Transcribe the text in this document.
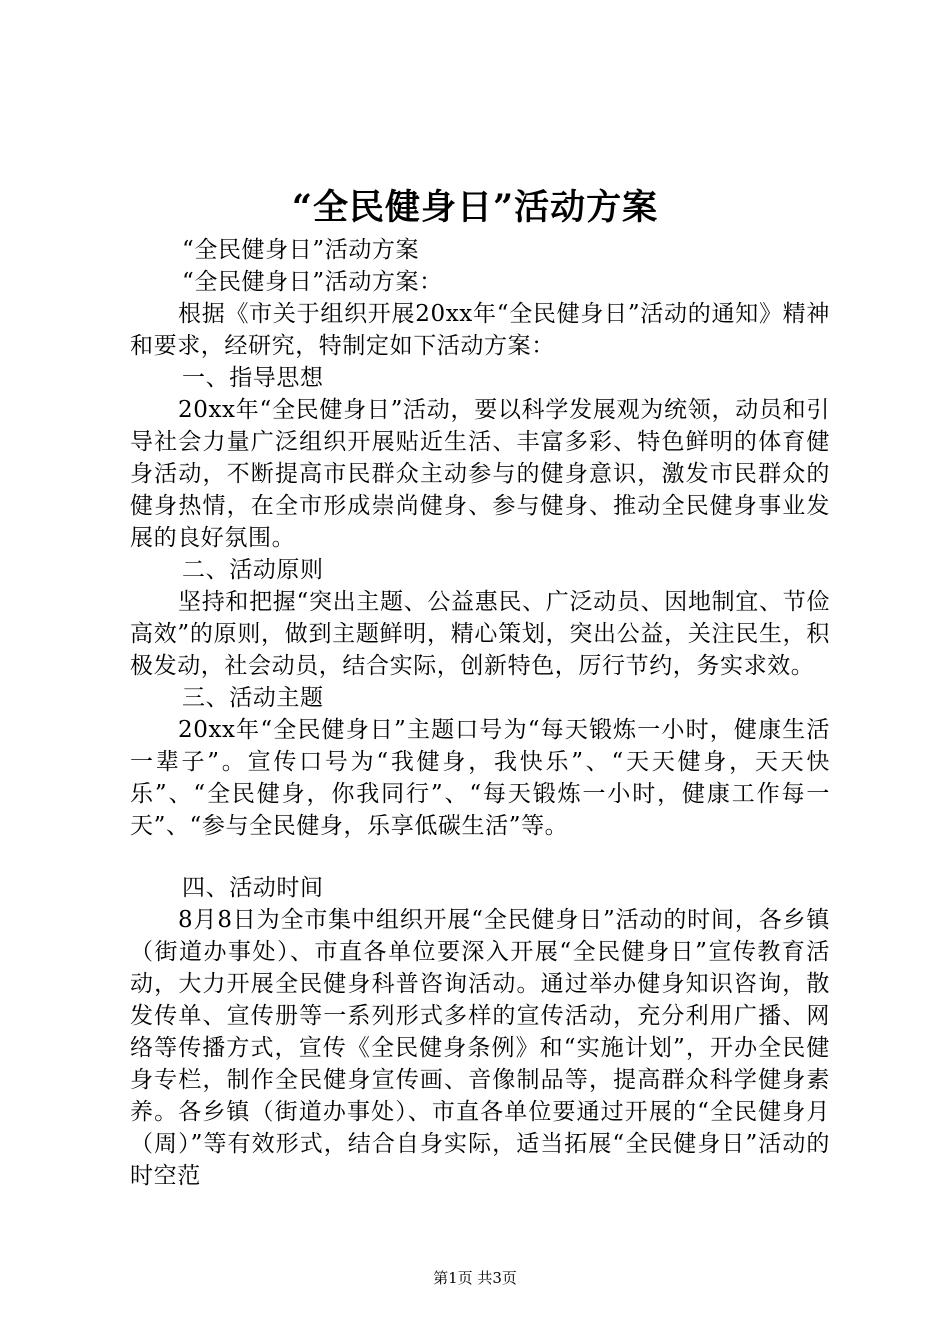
“全民健身日”活动方案

“全民健身日”活动方案

“全民健身日”活动方案：

根据《市关于组织开展20xx年“全民健身日”活动的通知》精神和要求，经研究，特制定如下活动方案：

一、指导思想

20xx年“全民健身日”活动，要以科学发展观为统领，动员和引导社会力量广泛组织开展贴近生活、丰富多彩、特色鲜明的体育健身活动，不断提高市民群众主动参与的健身意识，激发市民群众的健身热情，在全市形成崇尚健身、参与健身、推动全民健身事业发展的良好氛围。

二、活动原则

坚持和把握“突出主题、公益惠民、广泛动员、因地制宜、节俭高效”的原则，做到主题鲜明，精心策划，突出公益，关注民生，积极发动，社会动员，结合实际，创新特色，厉行节约，务实求效。

三、活动主题

20xx年“全民健身日”主题口号为“每天锻炼一小时，健康生活一辈子”。宣传口号为“我健身，我快乐”、“天天健身，天天快乐”、“全民健身，你我同行”、“每天锻炼一小时，健康工作每一天”、“参与全民健身，乐享低碳生活”等。

四、活动时间

8月8日为全市集中组织开展“全民健身日”活动的时间，各乡镇（街道办事处）、市直各单位要深入开展“全民健身日”宣传教育活动，大力开展全民健身科普咨询活动。通过举办健身知识咨询，散发传单、宣传册等一系列形式多样的宣传活动，充分利用广播、网络等传播方式，宣传《全民健身条例》和“实施计划”，开办全民健身专栏，制作全民健身宣传画、音像制品等，提高群众科学健身素养。各乡镇（街道办事处）、市直各单位要通过开展的“全民健身月（周）”等有效形式，结合自身实际，适当拓展“全民健身日”活动的时空范

第1页 共3页
